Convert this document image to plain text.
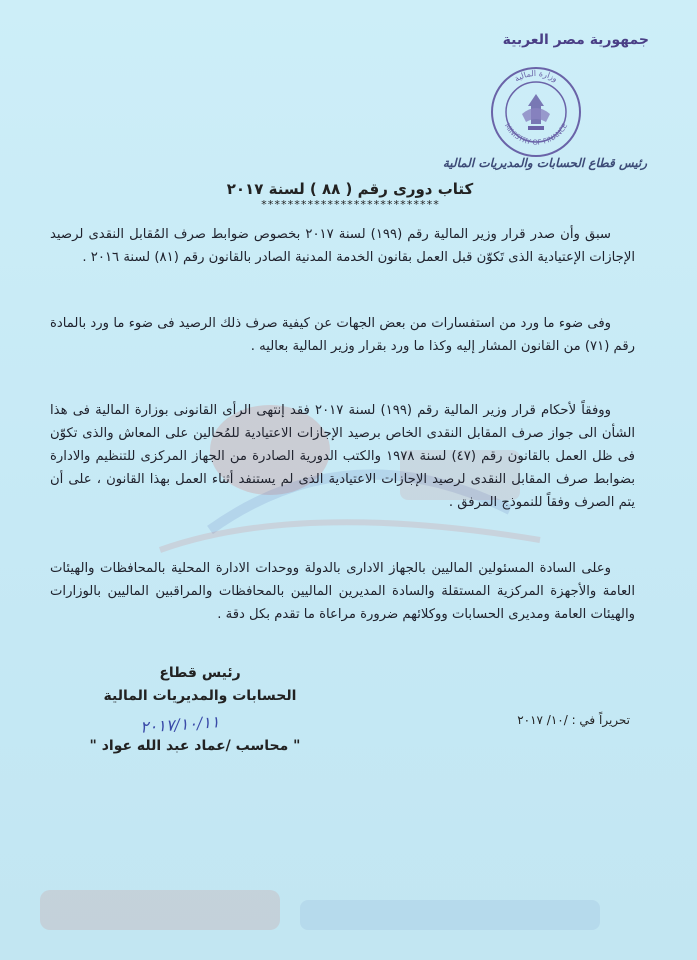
جمهورية مصر العربية
وزارة المالية
MINISTRY OF FINANCE
رئيس قطاع الحسابات والمديريات المالية
كتاب دورى رقم ( ٨٨ ) لسنة ٢٠١٧
***************************
سبق وأن صدر قرار وزير المالية رقم (١٩٩) لسنة ٢٠١٧ بخصوص ضوابط صرف المُقابل النقدى لرصيد الإجازات الإعتيادية الذى تَكوّن قبل العمل بقانون الخدمة المدنية الصادر بالقانون رقم (٨١) لسنة ٢٠١٦ .
وفى ضوء ما ورد من استفسارات من بعض الجهات عن كيفية صرف ذلك الرصيد فى ضوء ما ورد بالمادة رقم (٧١) من القانون المشار إليه وكذا ما ورد بقرار وزير المالية بعاليه .
ووفقاً لأحكام قرار وزير المالية رقم (١٩٩) لسنة ٢٠١٧ فقد إنتهى الرأى القانونى بوزارة المالية فى هذا الشأن الى جواز صرف المقابل النقدى الخاص برصيد الإجازات الاعتيادية للمُحالين على المعاش والذى تكوّن فى ظل العمل بالقانون رقم (٤٧) لسنة ١٩٧٨ والكتب الدورية الصادرة من الجهاز المركزى للتنظيم والادارة بضوابط صرف المقابل النقدى لرصيد الإجازات الاعتيادية الذى لم يستنفد أثناء العمل بهذا القانون ، على أن يتم الصرف وفقاً للنموذج المرفق .
وعلى السادة المسئولين الماليين بالجهاز الادارى بالدولة ووحدات الادارة المحلية بالمحافظات والهيئات العامة والأجهزة المركزية المستقلة والسادة المديرين الماليين بالمحافظات والمراقبين الماليين بالوزارات والهيئات العامة ومديرى الحسابات ووكلائهم ضرورة مراعاة ما تقدم بكل دقة .
رئيس قطاع
الحسابات والمديريات المالية
٢٠١٧/١٠/١١
" محاسب /عماد عبد الله عواد "
تحريراً في : /١٠/ ٢٠١٧
